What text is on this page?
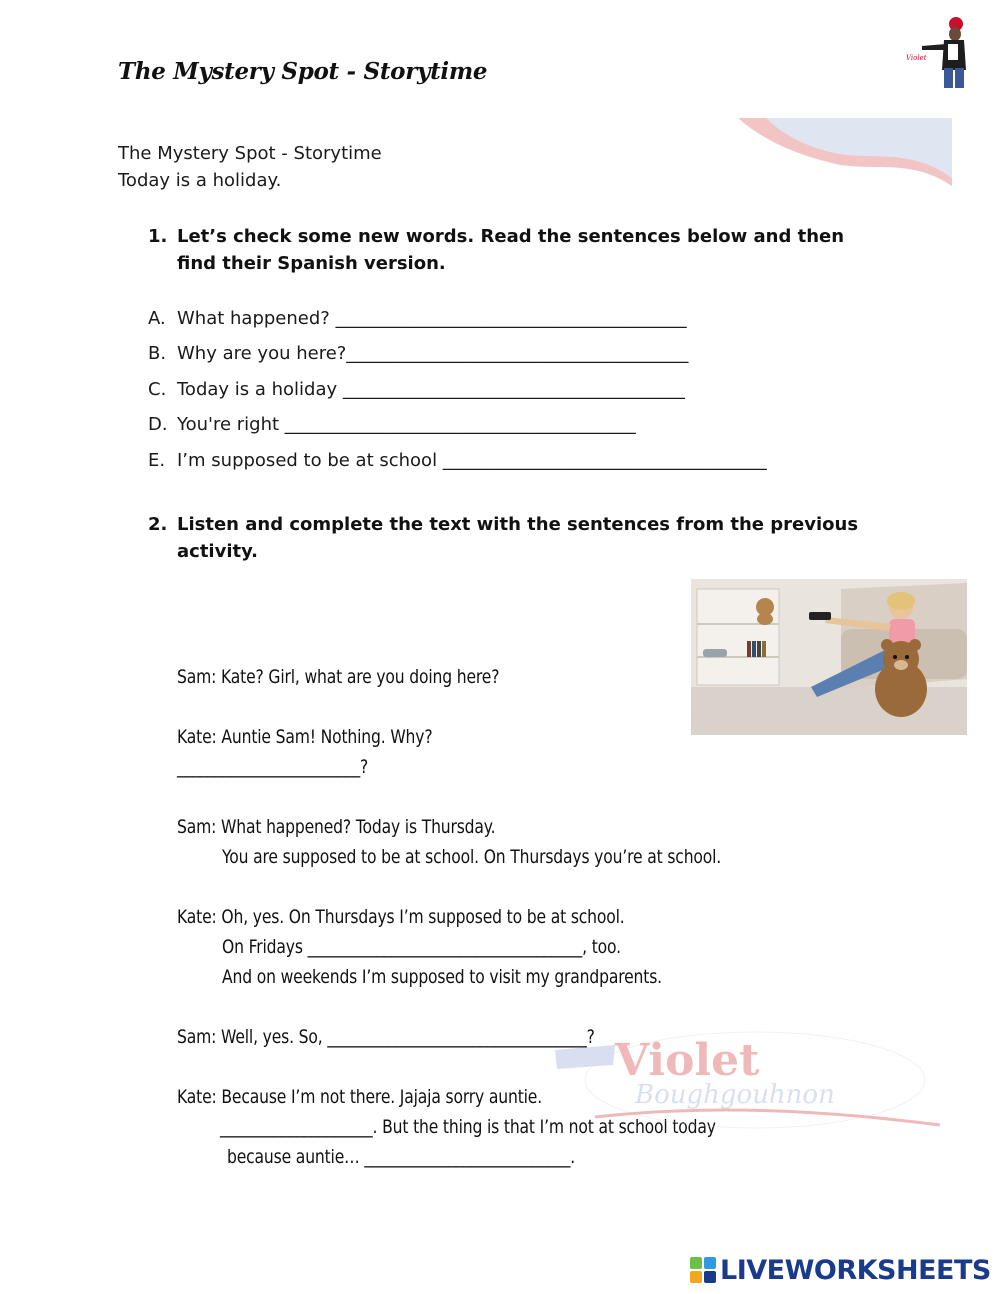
The Mystery Spot - Storytime	Violet
The Mystery Spot - Storytime
Today is a holiday.
1. Let’s check some new words. Read the sentences below and then find their Spanish version.
A. What happened? _______________________________________
B. Why are you here?______________________________________
C. Today is a holiday ______________________________________
D. You're right _______________________________________
E. I’m supposed to be at school ____________________________________
2. Listen and complete the text with the sentences from the previous activity.
Sam: Kate? Girl, what are you doing here?
Kate: Auntie Sam! Nothing. Why?
________________________?
Sam: What happened? Today is Thursday.
You are supposed to be at school. On Thursdays you’re at school.
Kate: Oh, yes. On Thursdays I’m supposed to be at school.
On Fridays ____________________________________, too.
And on weekends I’m supposed to visit my grandparents.
Sam: Well, yes. So, __________________________________?
Kate: Because I’m not there. Jajaja sorry auntie.
____________________. But the thing is that I’m not at school today
because auntie… ___________________________.
Violet
Boughgouhnon
LIVEWORKSHEETS
